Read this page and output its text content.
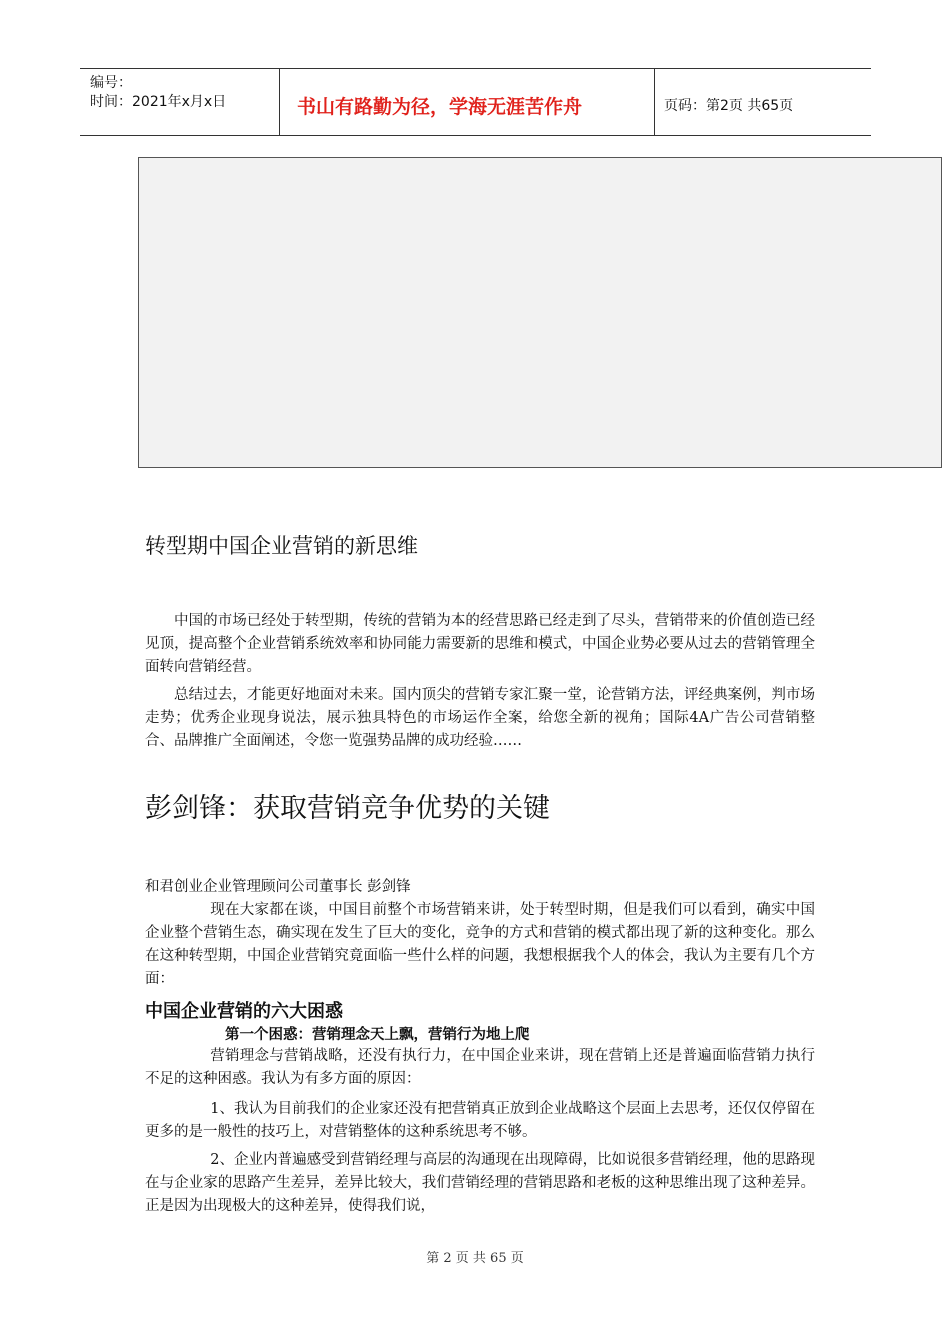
编号：
时间：2021年x月x日	书山有路勤为径，学海无涯苦作舟	页码：第2页 共65页
转型期中国企业营销的新思维
中国的市场已经处于转型期，传统的营销为本的经营思路已经走到了尽头，营销带来的价值创造已经见顶，提高整个企业营销系统效率和协同能力需要新的思维和模式，中国企业势必要从过去的营销管理全面转向营销经营。
总结过去，才能更好地面对未来。国内顶尖的营销专家汇聚一堂，论营销方法，评经典案例，判市场走势；优秀企业现身说法，展示独具特色的市场运作全案，给您全新的视角；国际4A广告公司营销整合、品牌推广全面阐述，令您一览强势品牌的成功经验……
彭剑锋：获取营销竞争优势的关键
和君创业企业管理顾问公司董事长 彭剑锋
现在大家都在谈，中国目前整个市场营销来讲，处于转型时期，但是我们可以看到，确实中国企业整个营销生态，确实现在发生了巨大的变化，竞争的方式和营销的模式都出现了新的这种变化。那么在这种转型期，中国企业营销究竟面临一些什么样的问题，我想根据我个人的体会，我认为主要有几个方面：
中国企业营销的六大困惑
第一个困惑：营销理念天上飘，营销行为地上爬
营销理念与营销战略，还没有执行力，在中国企业来讲，现在营销上还是普遍面临营销力执行不足的这种困惑。我认为有多方面的原因：
1、我认为目前我们的企业家还没有把营销真正放到企业战略这个层面上去思考，还仅仅停留在更多的是一般性的技巧上，对营销整体的这种系统思考不够。
2、企业内普遍感受到营销经理与高层的沟通现在出现障碍，比如说很多营销经理，他的思路现在与企业家的思路产生差异，差异比较大，我们营销经理的营销思路和老板的这种思维出现了这种差异。正是因为出现极大的这种差异，使得我们说，
第 2 页 共 65 页
